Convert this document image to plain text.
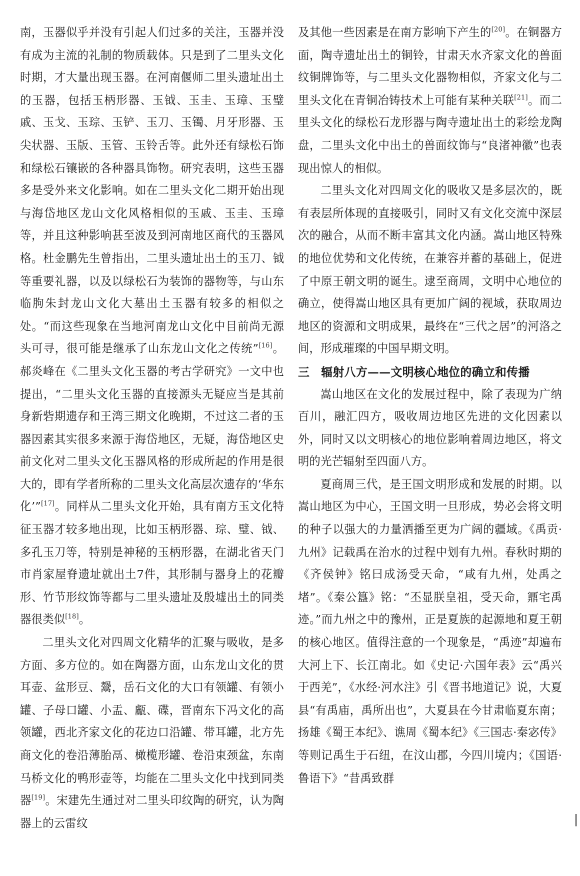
南，玉器似乎并没有引起人们过多的关注，玉器并没有成为主流的礼制的物质载体。只是到了二里头文化时期，才大量出现玉器。在河南偃师二里头遗址出土的玉器，包括玉柄形器、玉钺、玉圭、玉璋、玉璧戚、玉戈、玉琮、玉铲、玉刀、玉镯、月牙形器、玉尖状器、玉版、玉管、玉铃舌等。此外还有绿松石饰和绿松石镶嵌的各种器具饰物。研究表明，这些玉器多是受外来文化影响。如在二里头文化二期开始出现与海岱地区龙山文化风格相似的玉戚、玉圭、玉璋等，并且这种影响甚至波及到河南地区商代的玉器风格。杜金鹏先生曾指出，二里头遗址出土的玉刀、钺等重要礼器，以及以绿松石为装饰的器物等，与山东临朐朱封龙山文化大墓出土玉器有较多的相似之处。“而这些现象在当地河南龙山文化中目前尚无源头可寻，很可能是继承了山东龙山文化之传统”[16]。郝炎峰在《二里头文化玉器的考古学研究》一文中也提出，“二里头文化玉器的直接源头无疑应当是其前身新砦期遗存和王湾三期文化晚期，不过这二者的玉器因素其实很多来源于海岱地区，无疑，海岱地区史前文化对二里头文化玉器风格的形成所起的作用是很大的，即有学者所称的二里头文化高层次遗存的‘华东化’”[17]。同样从二里头文化开始，具有南方玉文化特征玉器才较多地出现，比如玉柄形器、琮、璧、钺、多孔玉刀等，特别是神秘的玉柄形器，在湖北省天门市肖家屋脊遗址就出土7件，其形制与器身上的花瓣形、竹节形纹饰等都与二里头遗址及殷墟出土的同类器很类似[18]。

二里头文化对四周文化精华的汇聚与吸收，是多方面、多方位的。如在陶器方面，山东龙山文化的贯耳壶、盆形豆、鬶，岳石文化的大口有领罐、有领小罐、子母口罐、小盂、甗、碟，晋南东下冯文化的高领罐，西北齐家文化的花边口沿罐、带耳罐，北方先商文化的卷沿薄胎鬲、橄榄形罐、卷沿束颈盆，东南马桥文化的鸭形壶等，均能在二里头文化中找到同类器[19]。宋建先生通过对二里头印纹陶的研究，认为陶器上的云雷纹

及其他一些因素是在南方影响下产生的[20]。在铜器方面，陶寺遗址出土的铜铃，甘肃天水齐家文化的兽面纹铜牌饰等，与二里头文化器物相似，齐家文化与二里头文化在青铜冶铸技术上可能有某种关联[21]。而二里头文化的绿松石龙形器与陶寺遗址出土的彩绘龙陶盘，二里头文化中出土的兽面纹饰与“良渚神徽”也表现出惊人的相似。

二里头文化对四周文化的吸收又是多层次的，既有表层所体现的直接吸引，同时又有文化交流中深层次的融合，从而不断丰富其文化内涵。嵩山地区特殊的地位优势和文化传统，在兼容并蓄的基础上，促进了中原王朝文明的诞生。逮至商周，文明中心地位的确立，使得嵩山地区具有更加广阔的视域，获取周边地区的资源和文明成果，最终在“三代之居”的河洛之间，形成璀璨的中国早期文明。

三　辐射八方——文明核心地位的确立和传播

嵩山地区在文化的发展过程中，除了表现为广纳百川，融汇四方，吸收周边地区先进的文化因素以外，同时又以文明核心的地位影响着周边地区，将文明的光芒辐射至四面八方。

夏商周三代，是王国文明形成和发展的时期。以嵩山地区为中心，王国文明一旦形成，势必会将文明的种子以强大的力量洒播至更为广阔的疆域。《禹贡·九州》记载禹在治水的过程中划有九州。春秋时期的《齐侯钟》铭曰成汤受天命，“咸有九州，处禹之堵”。《秦公簋》铭：“丕显朕皇祖，受天命，鼏宅禹迹。”而九州之中的豫州，正是夏族的起源地和夏王朝的核心地区。值得注意的一个现象是，“禹迹”却遍布大河上下、长江南北。如《史记·六国年表》云“禹兴于西羌”，《水经·河水注》引《晋书地道记》说，大夏县“有禹庙，禹所出也”，大夏县在今甘肃临夏东南；扬雄《蜀王本纪》、谯周《蜀本纪》《三国志·秦宓传》等则记禹生于石纽，在汶山郡，今四川境内；《国语·鲁语下》“昔禹致群

|
